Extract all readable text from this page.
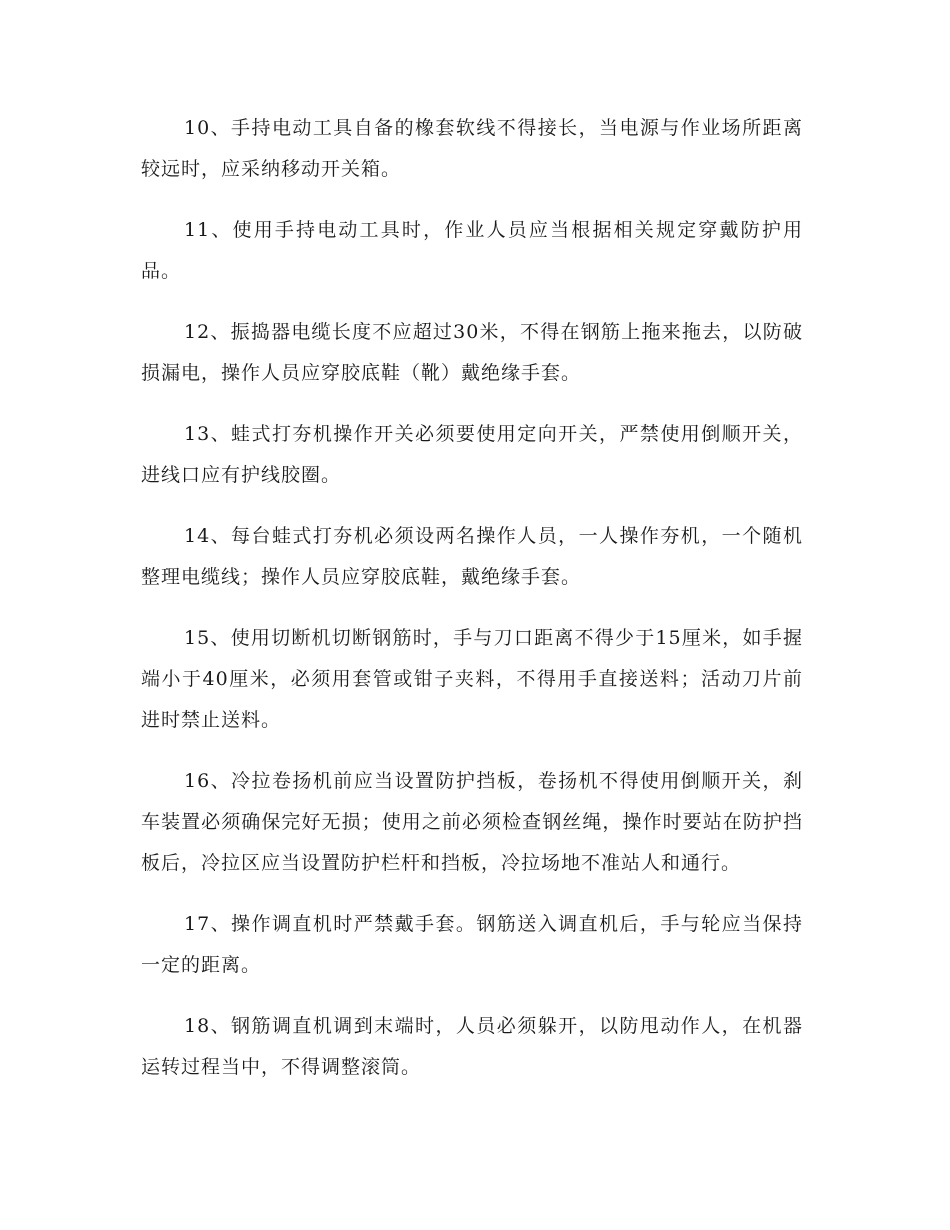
10、手持电动工具自备的橡套软线不得接长，当电源与作业场所距离较远时，应采纳移动开关箱。

11、使用手持电动工具时，作业人员应当根据相关规定穿戴防护用品。

12、振捣器电缆长度不应超过30米，不得在钢筋上拖来拖去，以防破损漏电，操作人员应穿胶底鞋（靴）戴绝缘手套。

13、蛙式打夯机操作开关必须要使用定向开关，严禁使用倒顺开关，进线口应有护线胶圈。

14、每台蛙式打夯机必须设两名操作人员，一人操作夯机，一个随机整理电缆线；操作人员应穿胶底鞋，戴绝缘手套。

15、使用切断机切断钢筋时，手与刀口距离不得少于15厘米，如手握端小于40厘米，必须用套管或钳子夹料，不得用手直接送料；活动刀片前进时禁止送料。

16、冷拉卷扬机前应当设置防护挡板，卷扬机不得使用倒顺开关，刹车装置必须确保完好无损；使用之前必须检查钢丝绳，操作时要站在防护挡板后，冷拉区应当设置防护栏杆和挡板，冷拉场地不准站人和通行。

17、操作调直机时严禁戴手套。钢筋送入调直机后，手与轮应当保持一定的距离。

18、钢筋调直机调到末端时，人员必须躲开，以防甩动作人，在机器运转过程当中，不得调整滚筒。
